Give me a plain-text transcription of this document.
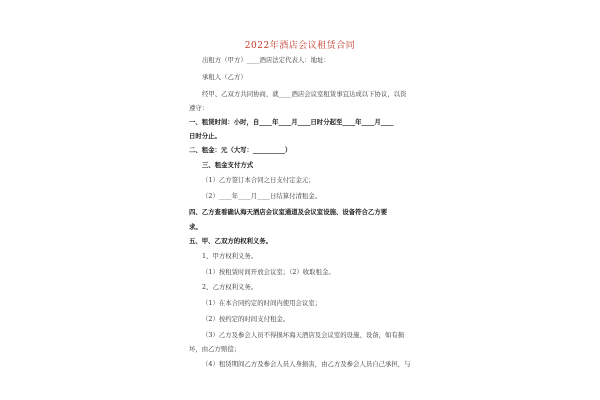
2022年酒店会议租赁合同
出租方（甲方）____酒店法定代表人：地址：
承租人（乙方）
经甲、乙双方共同协商，就____酒店会议室租赁事宜达成以下协议，以资
遵守：
一、租赁时间：小时，自____年____月____日时分起至____年____月____
日时分止。
二、租金：元（大写：__________）
三、租金支付方式
（1）乙方签订本合同之日支付定金元；
（2）____年____月____日结算付清租金。
四、乙方查看确认海天酒店会议室通道及会议室设施、设备符合乙方要
求。
五、甲、乙双方的权利义务。
1、甲方权利义务。
（1）按租赁时间开放会议室；（2）收取租金。
2、乙方权利义务。
（1）在本合同约定的时间内使用会议室；
（2）按约定的时间支付租金。
（3）乙方及参会人员不得损坏海天酒店及会议室的设施、设备，如有损
坏，由乙方赔偿；
（4）租赁期间乙方及参会人员人身损害，由乙方及参会人员自己承担，与
